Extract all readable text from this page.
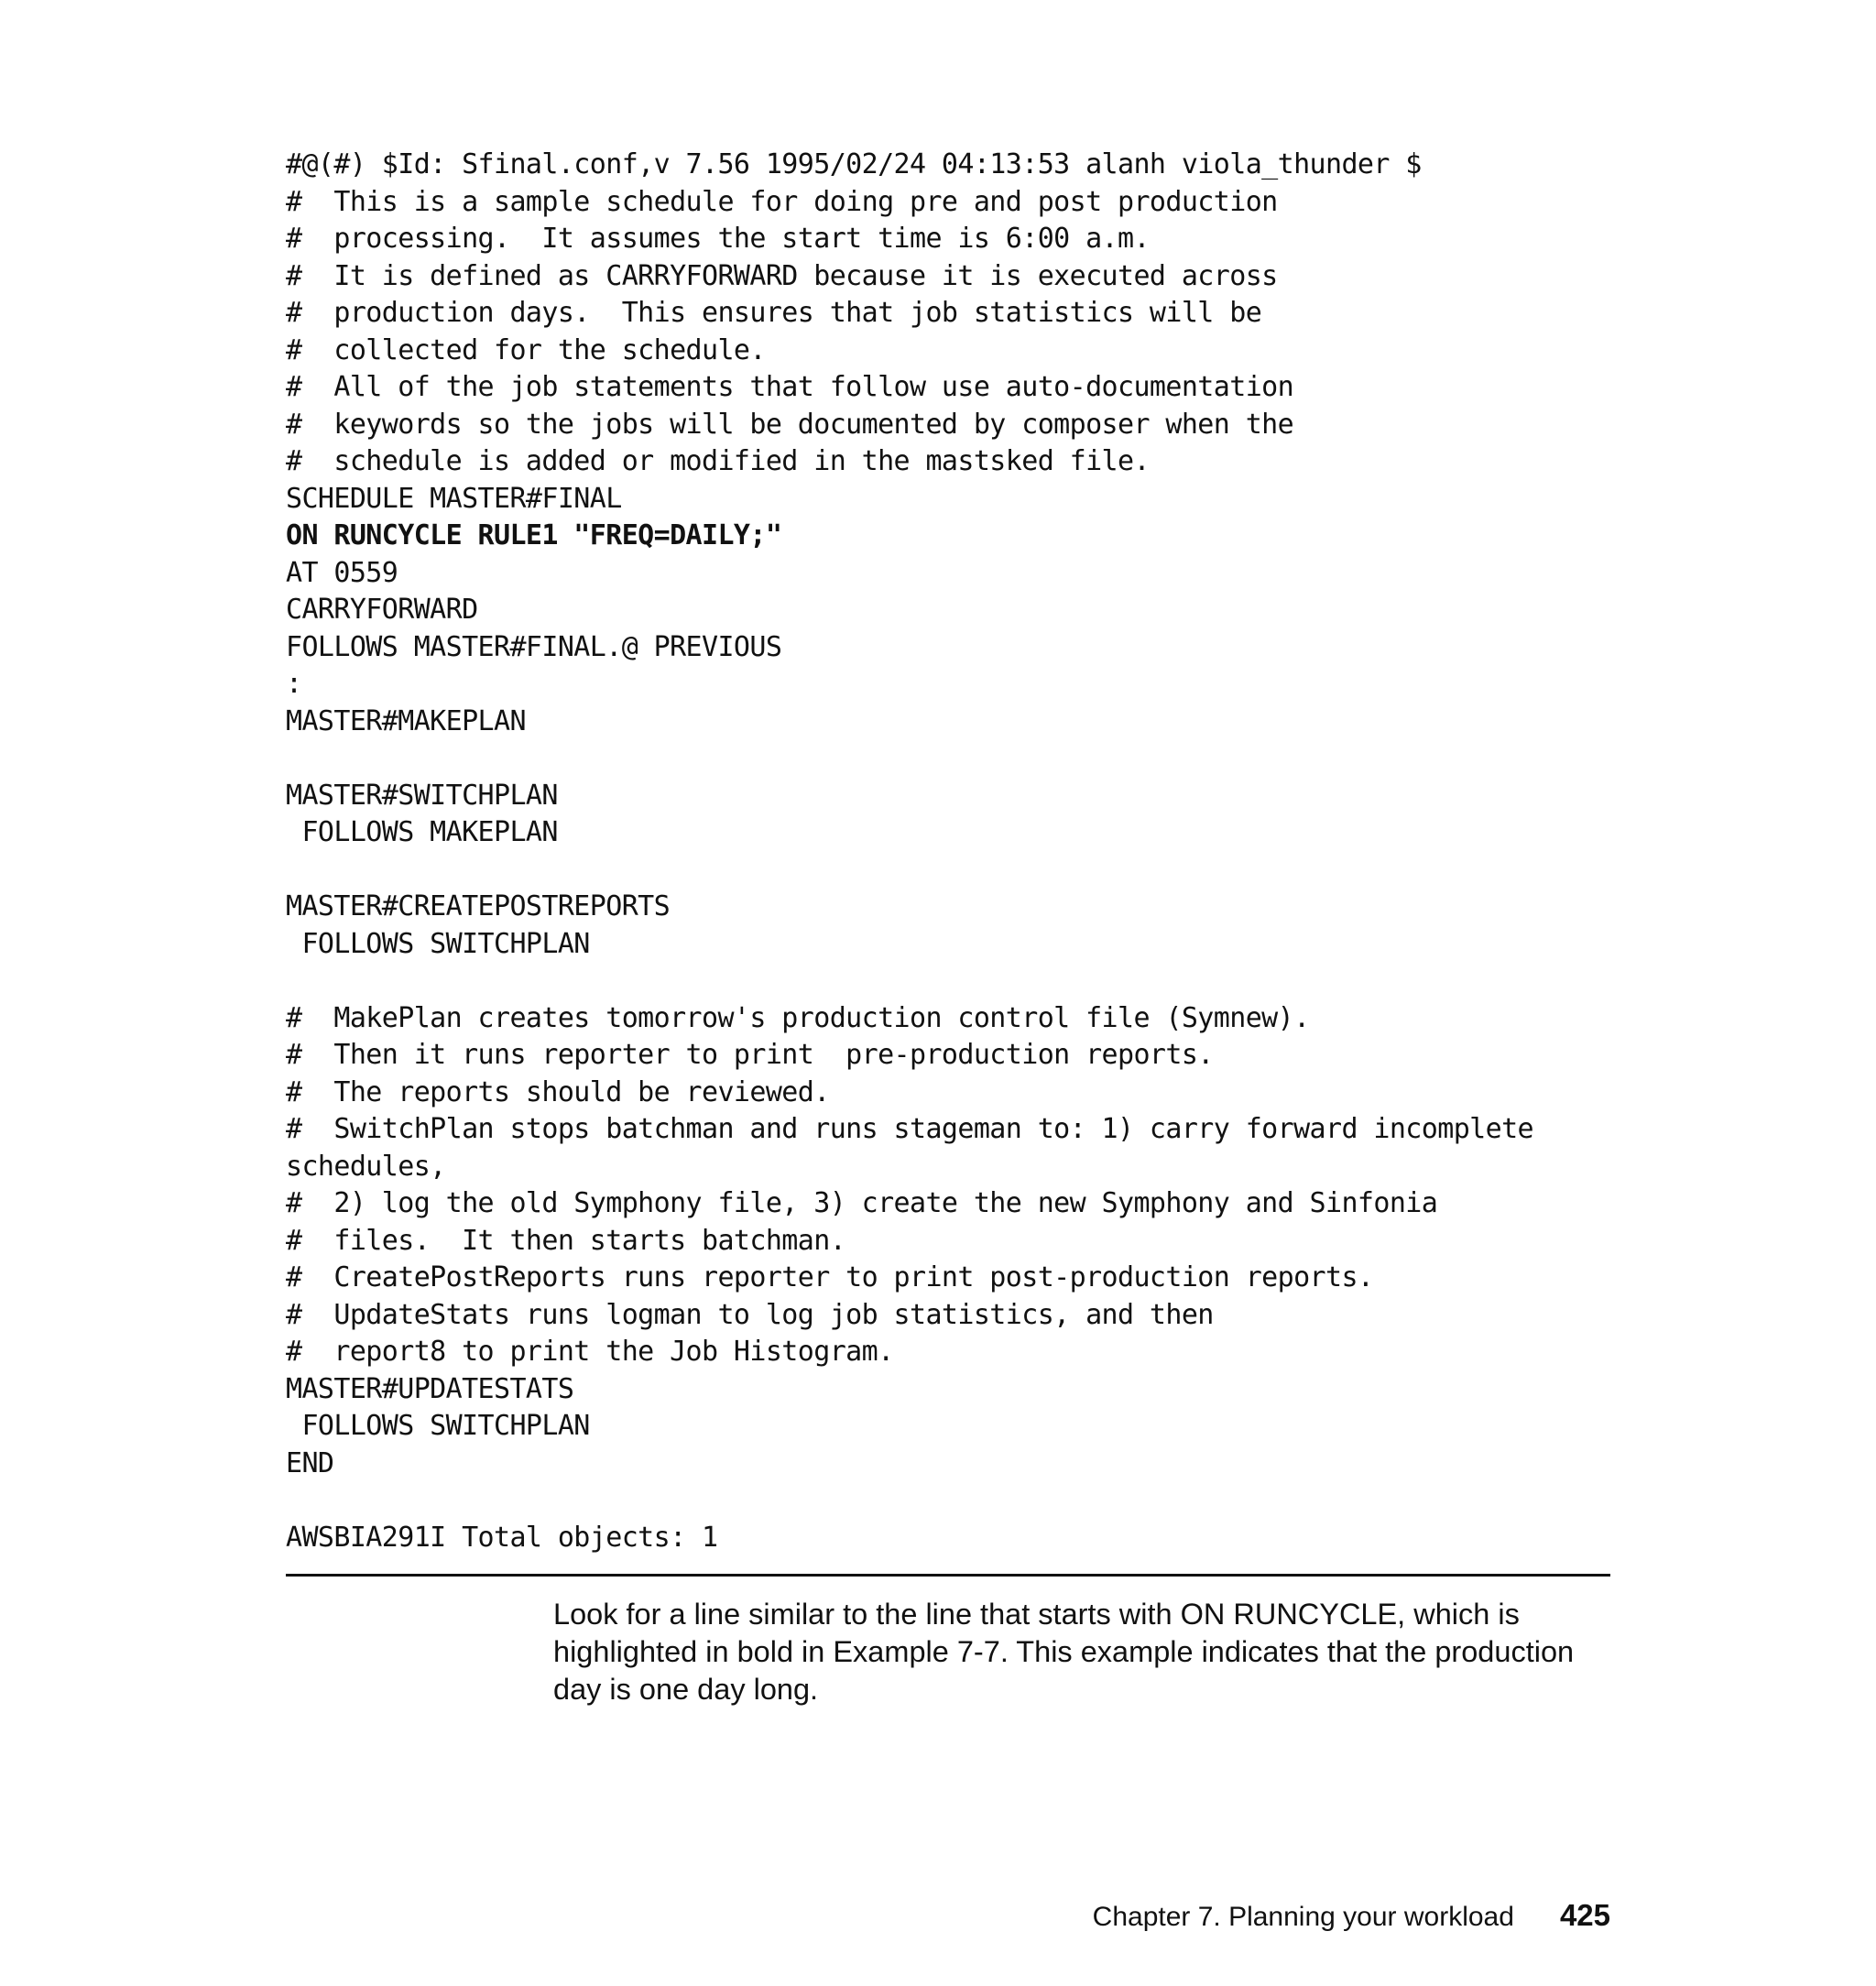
#@(#) $Id: Sfinal.conf,v 7.56 1995/02/24 04:13:53 alanh viola_thunder $
#  This is a sample schedule for doing pre and post production
#  processing.  It assumes the start time is 6:00 a.m.
#  It is defined as CARRYFORWARD because it is executed across
#  production days.  This ensures that job statistics will be
#  collected for the schedule.
#  All of the job statements that follow use auto-documentation
#  keywords so the jobs will be documented by composer when the
#  schedule is added or modified in the mastsked file.
SCHEDULE MASTER#FINAL
ON RUNCYCLE RULE1 "FREQ=DAILY;"
AT 0559
CARRYFORWARD
FOLLOWS MASTER#FINAL.@ PREVIOUS
:
MASTER#MAKEPLAN
MASTER#SWITCHPLAN
FOLLOWS MAKEPLAN
MASTER#CREATEPOSTREPORTS
FOLLOWS SWITCHPLAN
#  MakePlan creates tomorrow's production control file (Symnew).
#  Then it runs reporter to print  pre-production reports.
#  The reports should be reviewed.
#  SwitchPlan stops batchman and runs stageman to: 1) carry forward incomplete
schedules,
#  2) log the old Symphony file, 3) create the new Symphony and Sinfonia
#  files.  It then starts batchman.
#  CreatePostReports runs reporter to print post-production reports.
#  UpdateStats runs logman to log job statistics, and then
#  report8 to print the Job Histogram.
MASTER#UPDATESTATS
FOLLOWS SWITCHPLAN
END
AWSBIA291I Total objects: 1

Look for a line similar to the line that starts with ON RUNCYCLE, which is highlighted in bold in Example 7-7. This example indicates that the production day is one day long.

Chapter 7. Planning your workload 425
